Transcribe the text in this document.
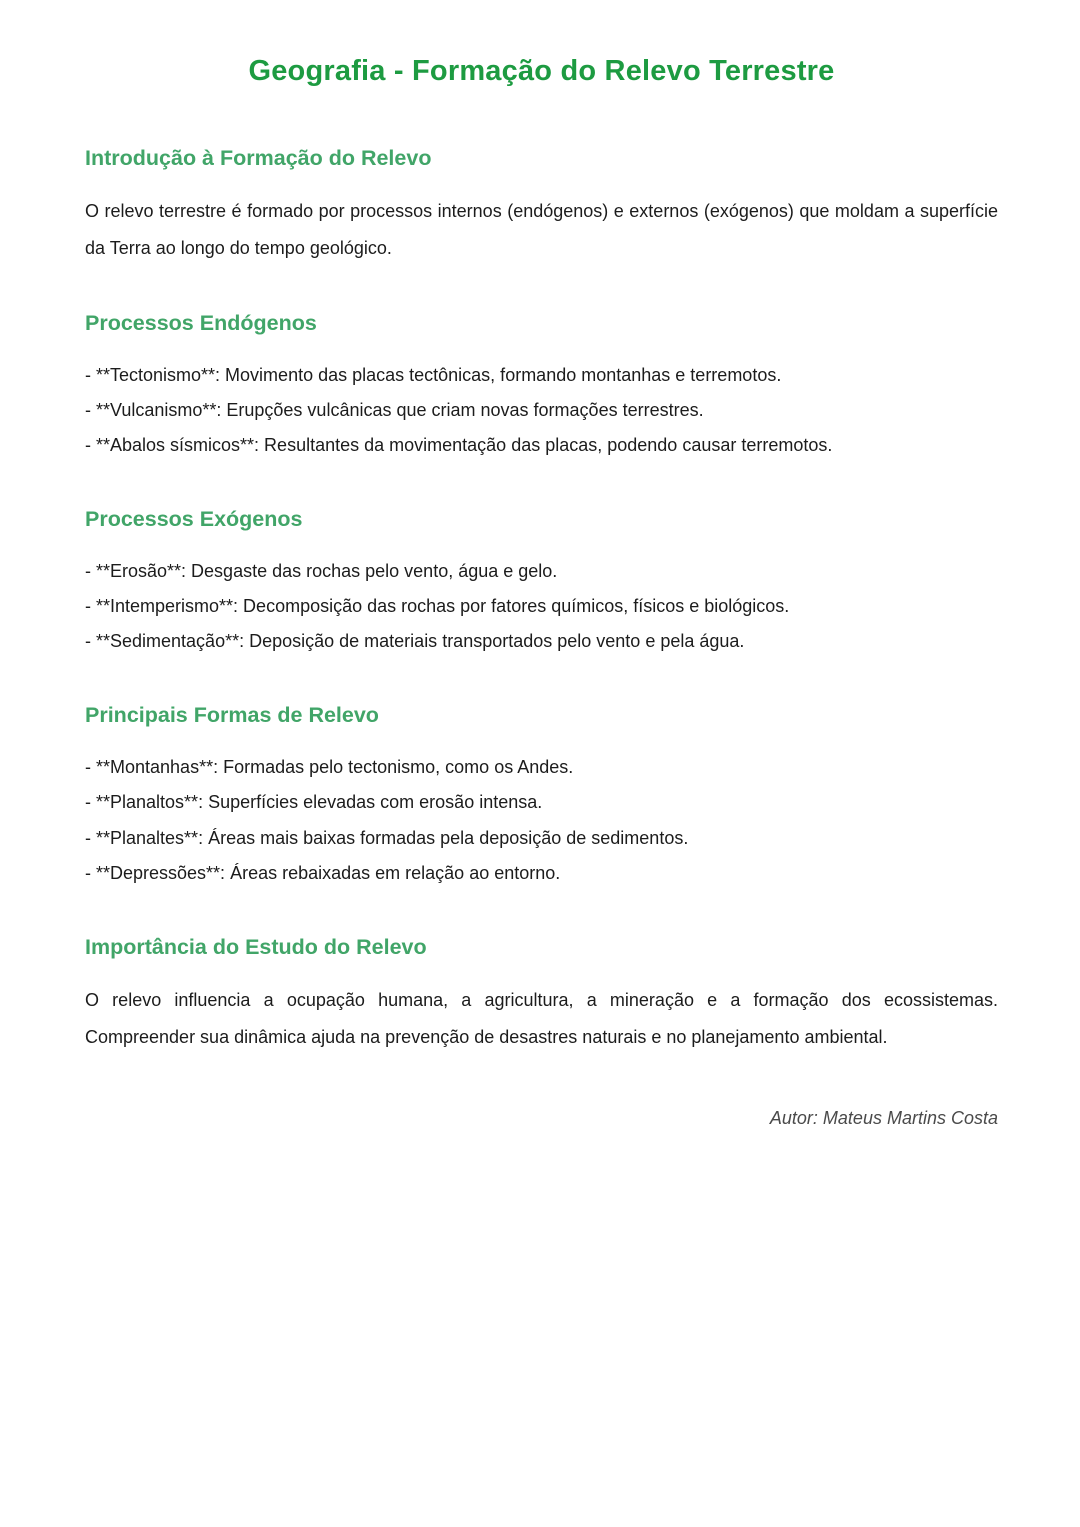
Geografia - Formação do Relevo Terrestre
Introdução à Formação do Relevo

O relevo terrestre é formado por processos internos (endógenos) e externos (exógenos) que moldam a superfície da Terra ao longo do tempo geológico.

Processos Endógenos

- **Tectonismo**: Movimento das placas tectônicas, formando montanhas e terremotos.

- **Vulcanismo**: Erupções vulcânicas que criam novas formações terrestres.

- **Abalos sísmicos**: Resultantes da movimentação das placas, podendo causar terremotos.

Processos Exógenos

- **Erosão**: Desgaste das rochas pelo vento, água e gelo.

- **Intemperismo**: Decomposição das rochas por fatores químicos, físicos e biológicos.

- **Sedimentação**: Deposição de materiais transportados pelo vento e pela água.

Principais Formas de Relevo

- **Montanhas**: Formadas pelo tectonismo, como os Andes.

- **Planaltos**: Superfícies elevadas com erosão intensa.

- **Planaltes**: Áreas mais baixas formadas pela deposição de sedimentos.

- **Depressões**: Áreas rebaixadas em relação ao entorno.

Importância do Estudo do Relevo

O relevo influencia a ocupação humana, a agricultura, a mineração e a formação dos ecossistemas. Compreender sua dinâmica ajuda na prevenção de desastres naturais e no planejamento ambiental.

Autor: Mateus Martins Costa
